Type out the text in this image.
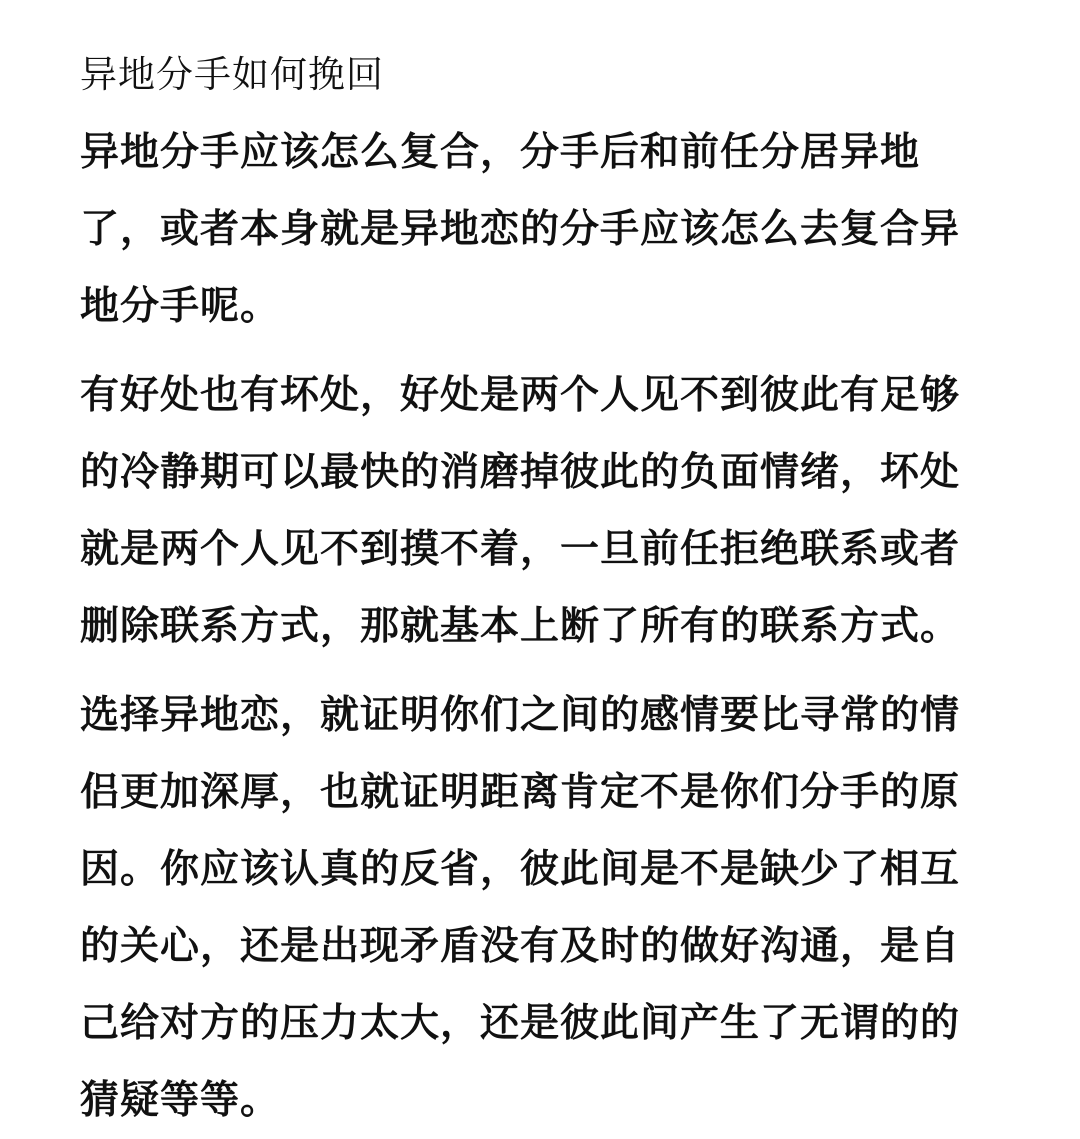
异地分手如何挽回

异地分手应该怎么复合，分手后和前任分居异地
了，或者本身就是异地恋的分手应该怎么去复合异
地分手呢。

有好处也有坏处，好处是两个人见不到彼此有足够
的冷静期可以最快的消磨掉彼此的负面情绪，坏处
就是两个人见不到摸不着，一旦前任拒绝联系或者
删除联系方式，那就基本上断了所有的联系方式。

选择异地恋，就证明你们之间的感情要比寻常的情
侣更加深厚，也就证明距离肯定不是你们分手的原
因。你应该认真的反省，彼此间是不是缺少了相互
的关心，还是出现矛盾没有及时的做好沟通，是自
己给对方的压力太大，还是彼此间产生了无谓的的
猜疑等等。
